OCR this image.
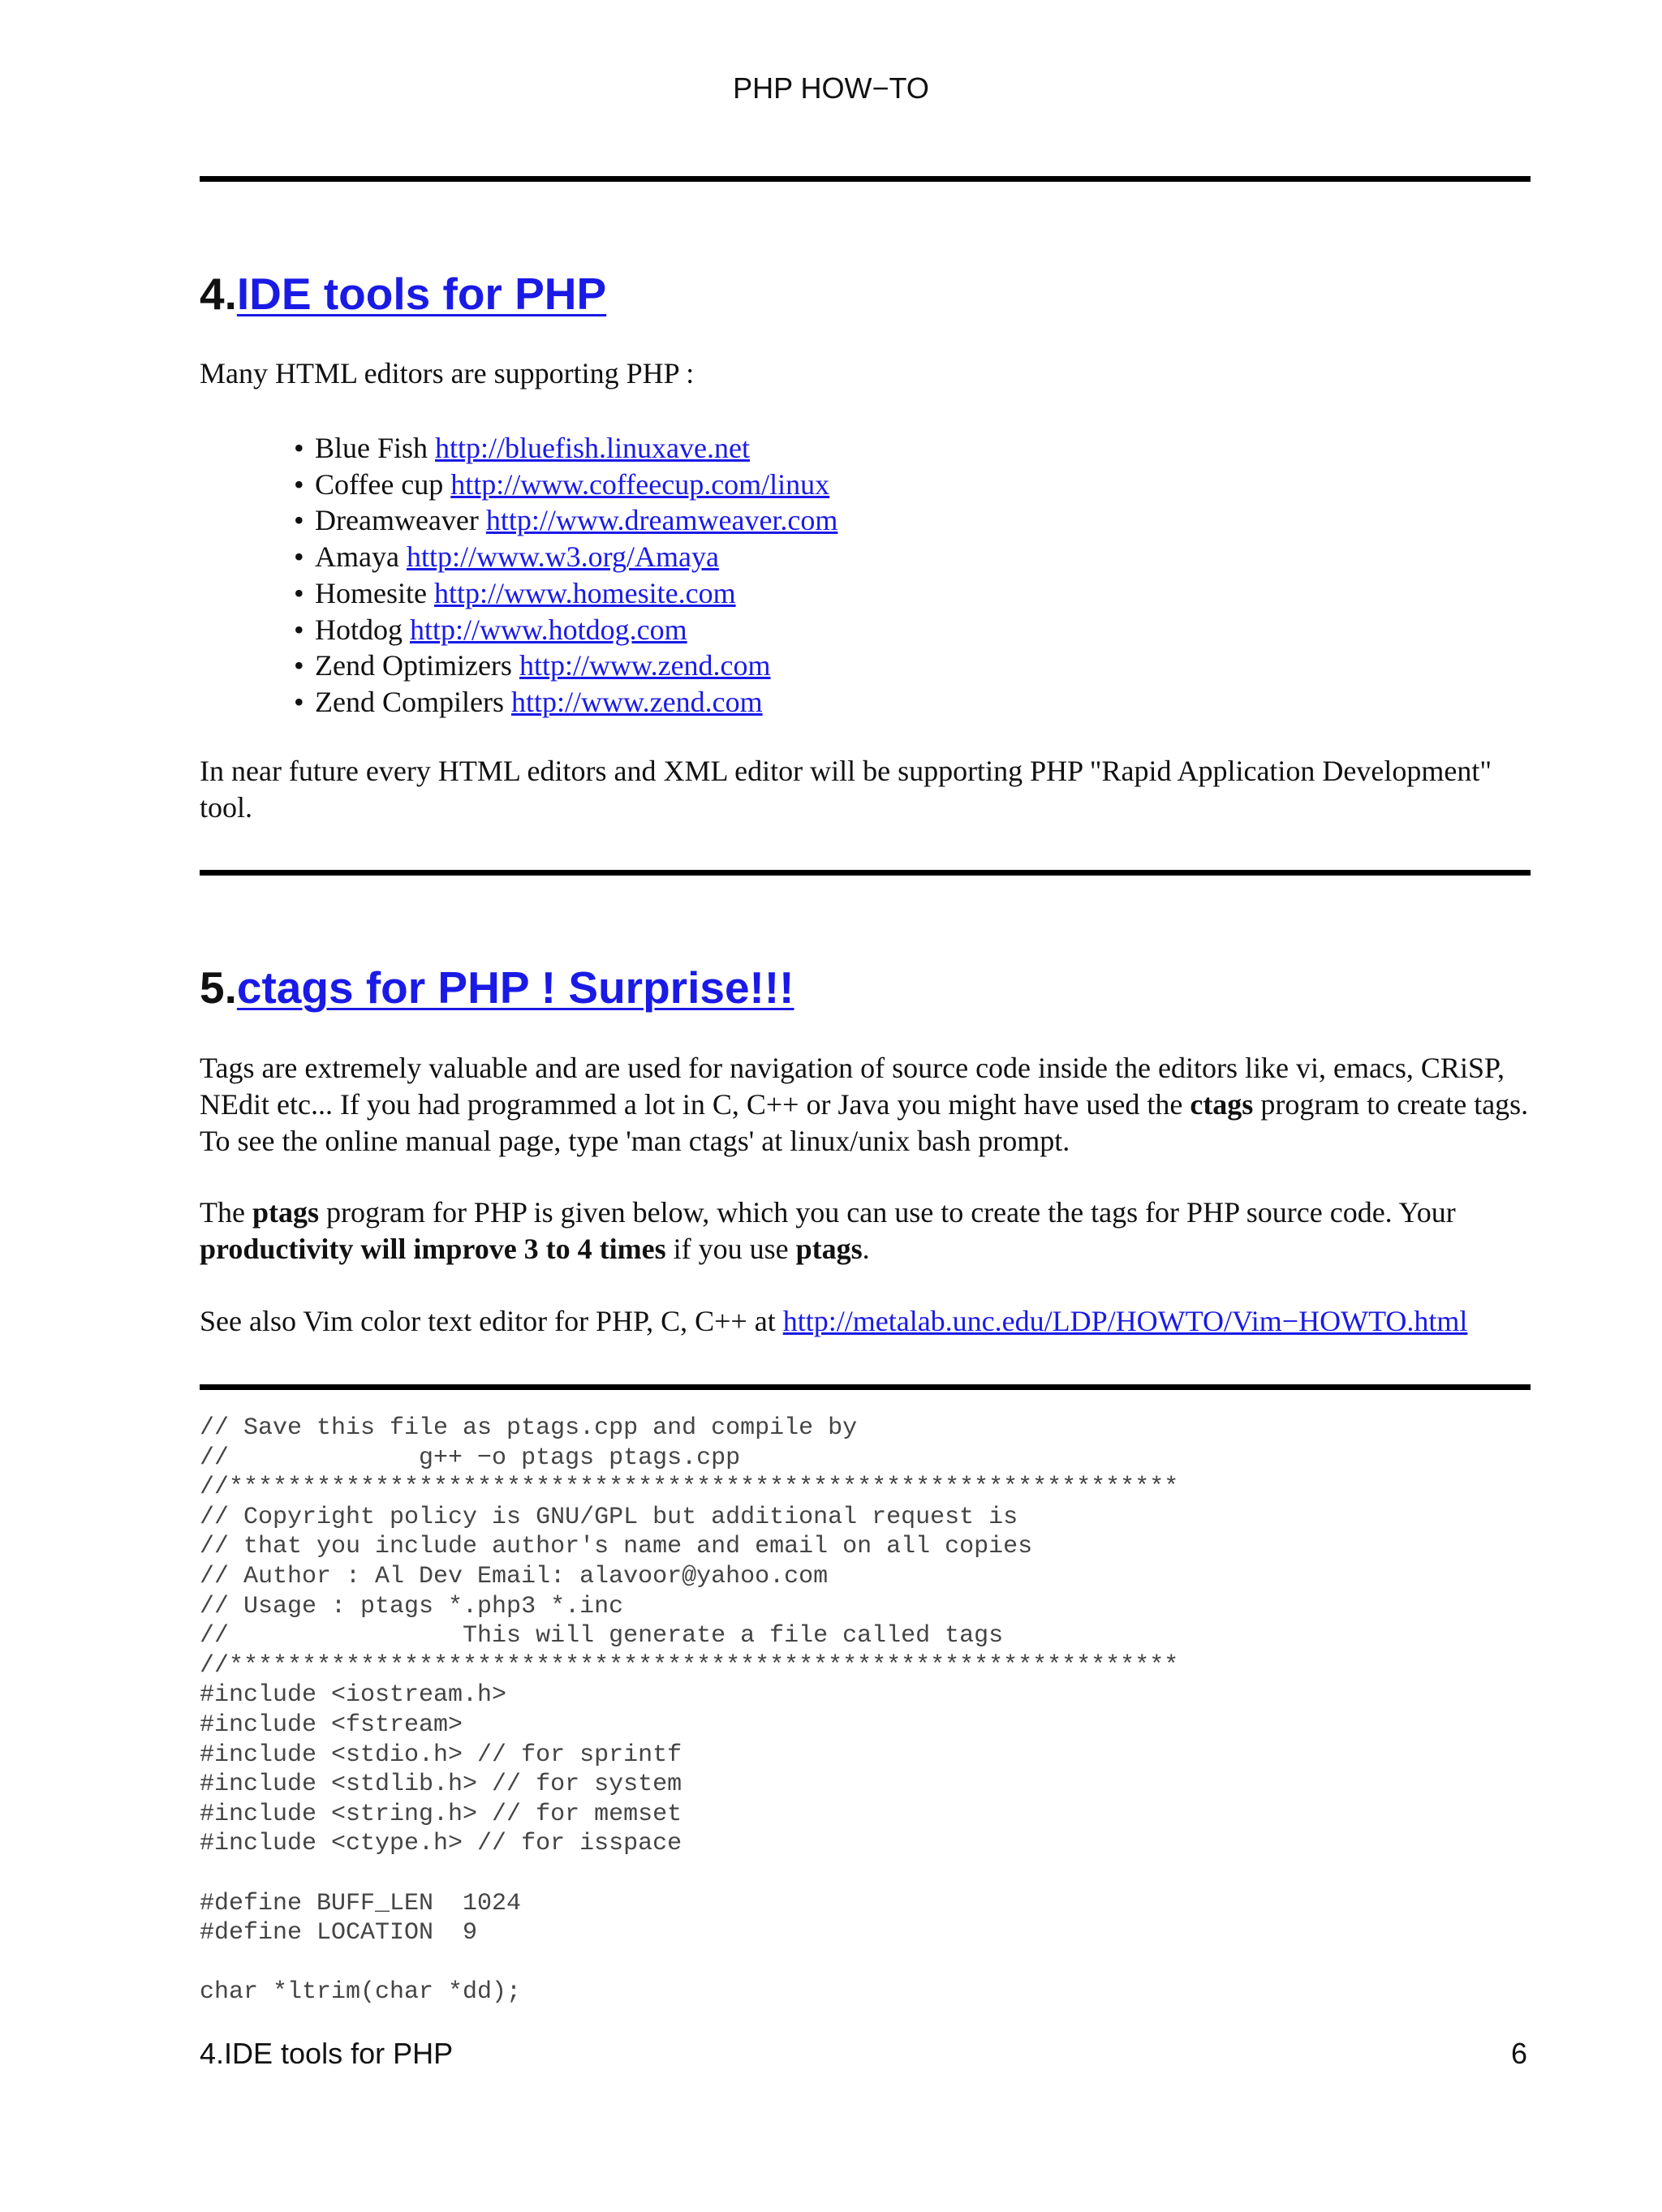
PHP HOW−TO
4.IDE tools for PHP

Many HTML editors are supporting PHP :

• Blue Fish http://bluefish.linuxave.net
• Coffee cup http://www.coffeecup.com/linux
• Dreamweaver http://www.dreamweaver.com
• Amaya http://www.w3.org/Amaya
• Homesite http://www.homesite.com
• Hotdog http://www.hotdog.com
• Zend Optimizers http://www.zend.com
• Zend Compilers http://www.zend.com

In near future every HTML editors and XML editor will be supporting PHP "Rapid Application Development" tool.

5.ctags for PHP ! Surprise!!!

Tags are extremely valuable and are used for navigation of source code inside the editors like vi, emacs, CRiSP, NEdit etc... If you had programmed a lot in C, C++ or Java you might have used the ctags program to create tags. To see the online manual page, type 'man ctags' at linux/unix bash prompt.

The ptags program for PHP is given below, which you can use to create the tags for PHP source code. Your productivity will improve 3 to 4 times if you use ptags.

See also Vim color text editor for PHP, C, C++ at http://metalab.unc.edu/LDP/HOWTO/Vim−HOWTO.html

// Save this file as ptags.cpp and compile by
//             g++ −o ptags ptags.cpp
//*****************************************************************
// Copyright policy is GNU/GPL but additional request is
// that you include author's name and email on all copies
// Author : Al Dev Email: alavoor@yahoo.com
// Usage : ptags *.php3 *.inc
//                This will generate a file called tags
//*****************************************************************
#include <iostream.h>
#include <fstream>
#include <stdio.h> // for sprintf
#include <stdlib.h> // for system
#include <string.h> // for memset
#include <ctype.h> // for isspace

#define BUFF_LEN  1024
#define LOCATION  9

char *ltrim(char *dd);
4.IDE tools for PHP	6
